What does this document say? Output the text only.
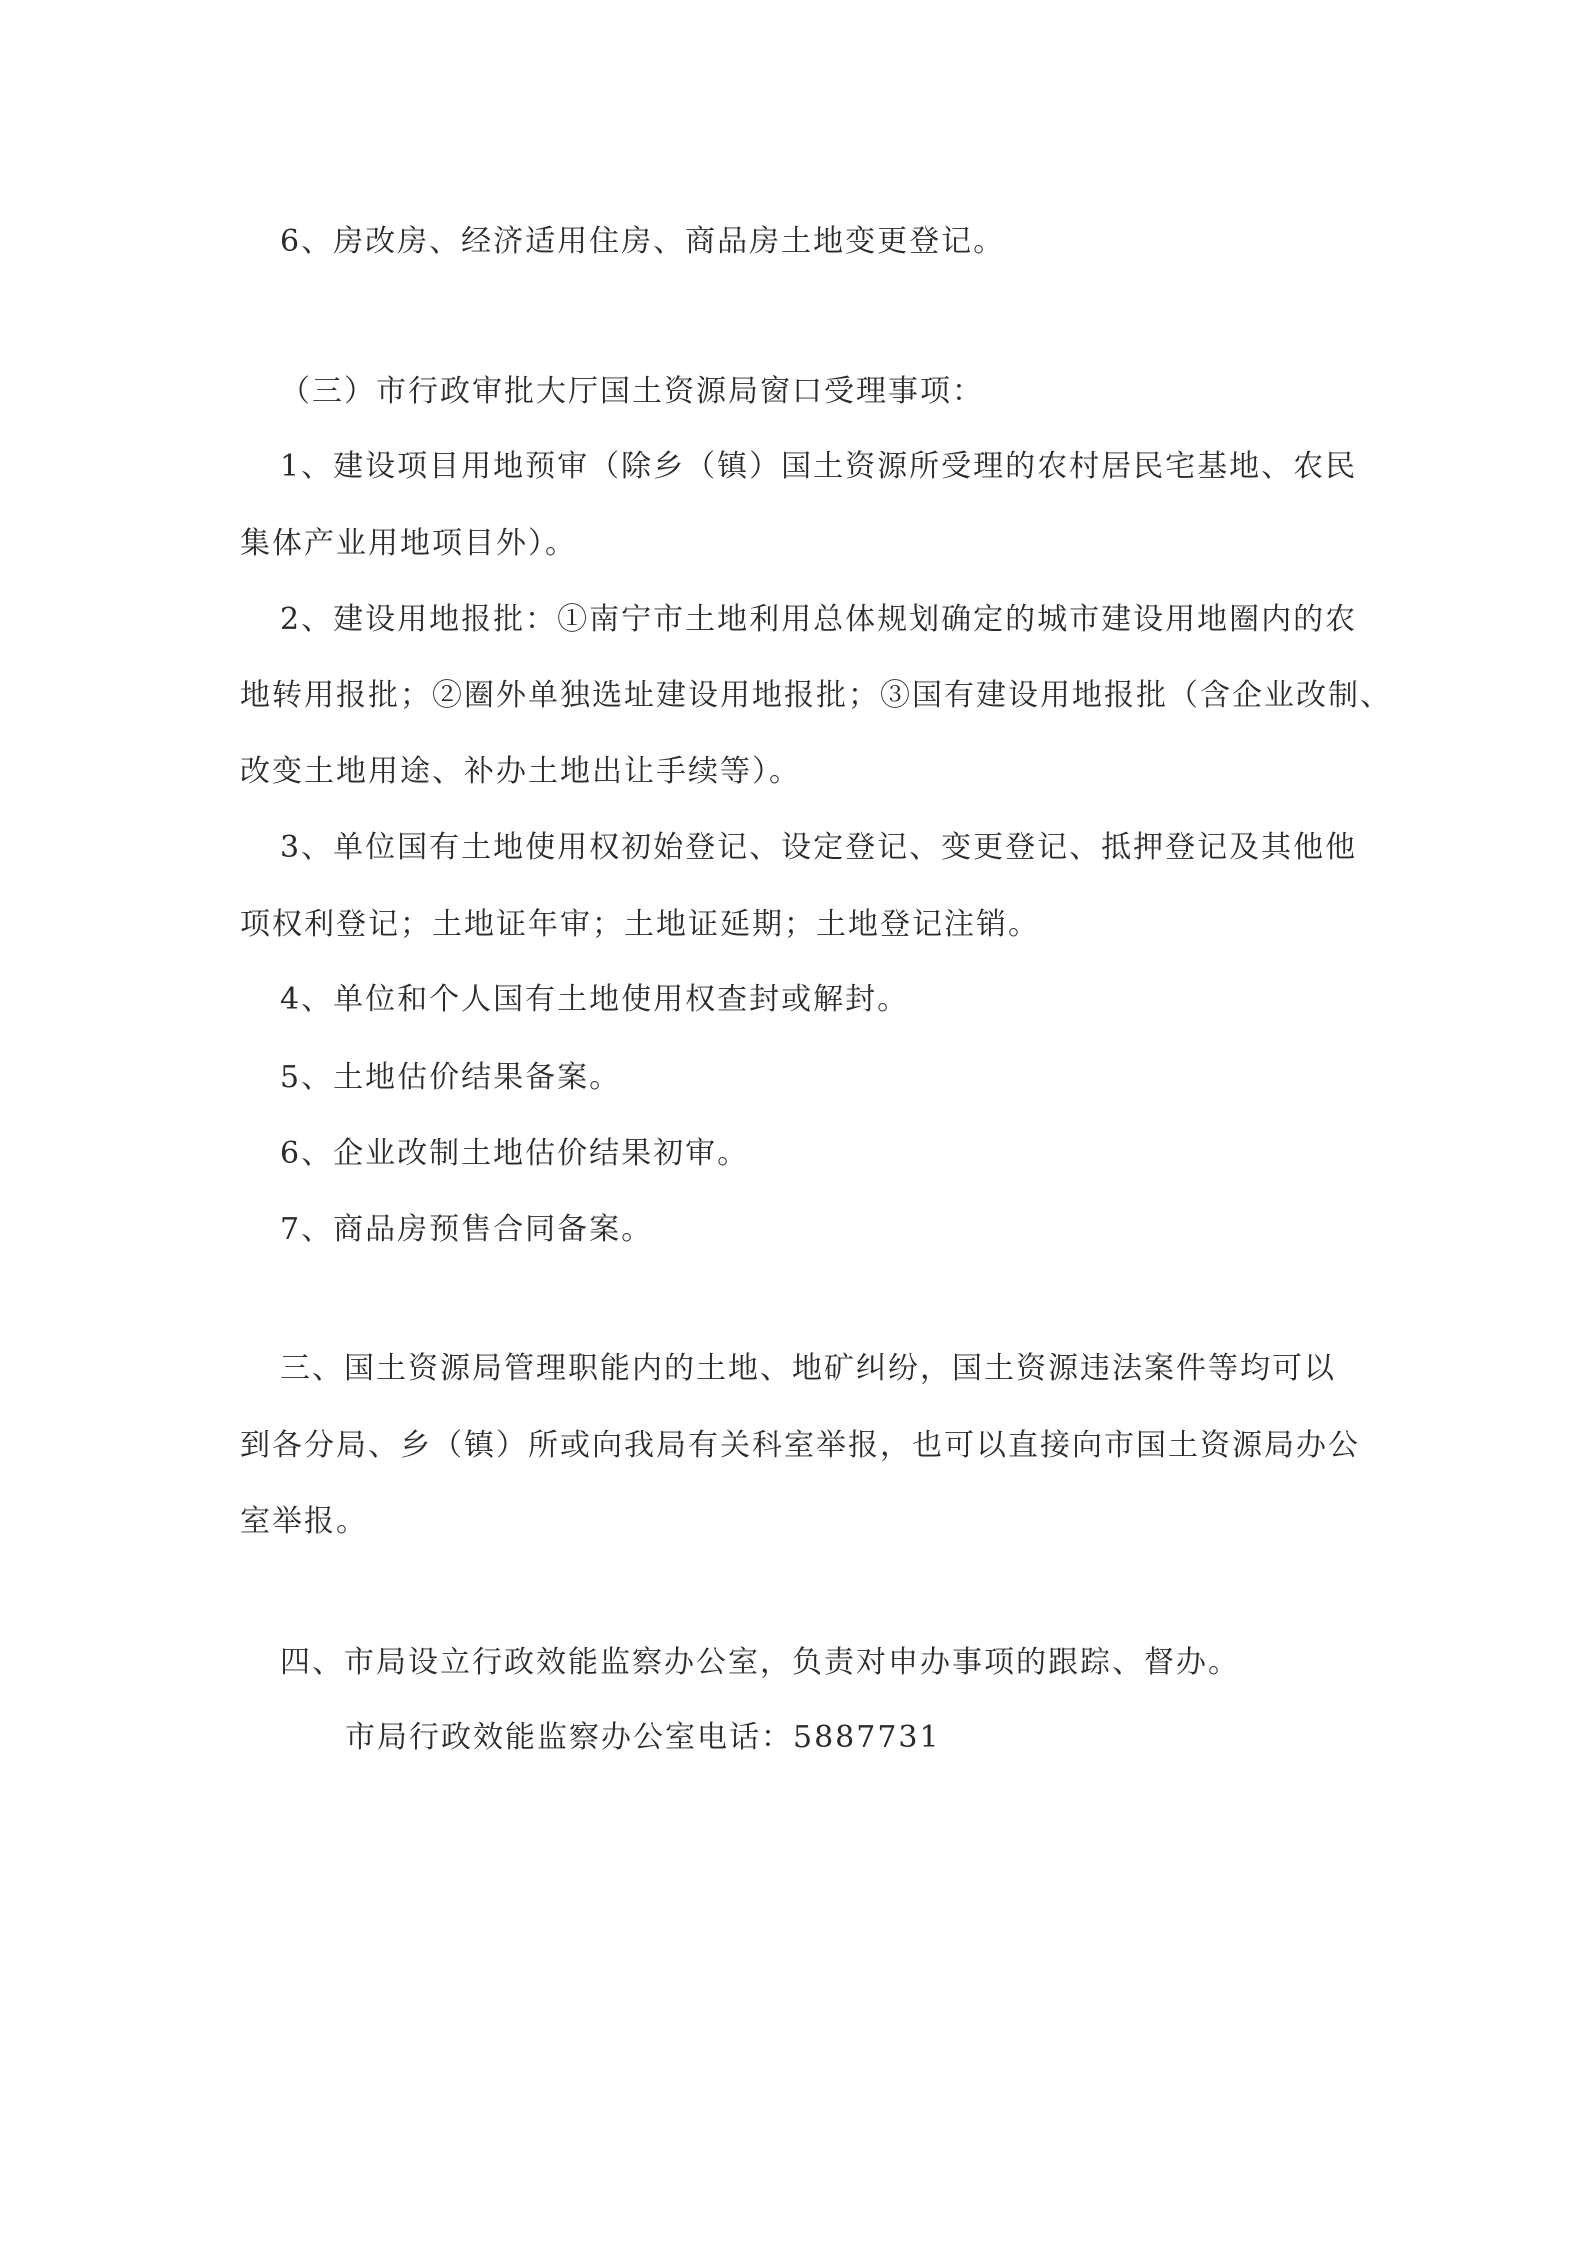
6、房改房、经济适用住房、商品房土地变更登记。
（三）市行政审批大厅国土资源局窗口受理事项：
1、建设项目用地预审（除乡（镇）国土资源所受理的农村居民宅基地、农民
集体产业用地项目外）。
2、建设用地报批：①南宁市土地利用总体规划确定的城市建设用地圈内的农
地转用报批；②圈外单独选址建设用地报批；③国有建设用地报批（含企业改制、
改变土地用途、补办土地出让手续等）。
3、单位国有土地使用权初始登记、设定登记、变更登记、抵押登记及其他他
项权利登记；土地证年审；土地证延期；土地登记注销。
4、单位和个人国有土地使用权查封或解封。
5、土地估价结果备案。
6、企业改制土地估价结果初审。
7、商品房预售合同备案。
三、国土资源局管理职能内的土地、地矿纠纷，国土资源违法案件等均可以
到各分局、乡（镇）所或向我局有关科室举报，也可以直接向市国土资源局办公
室举报。
四、市局设立行政效能监察办公室，负责对申办事项的跟踪、督办。
市局行政效能监察办公室电话：5887731
